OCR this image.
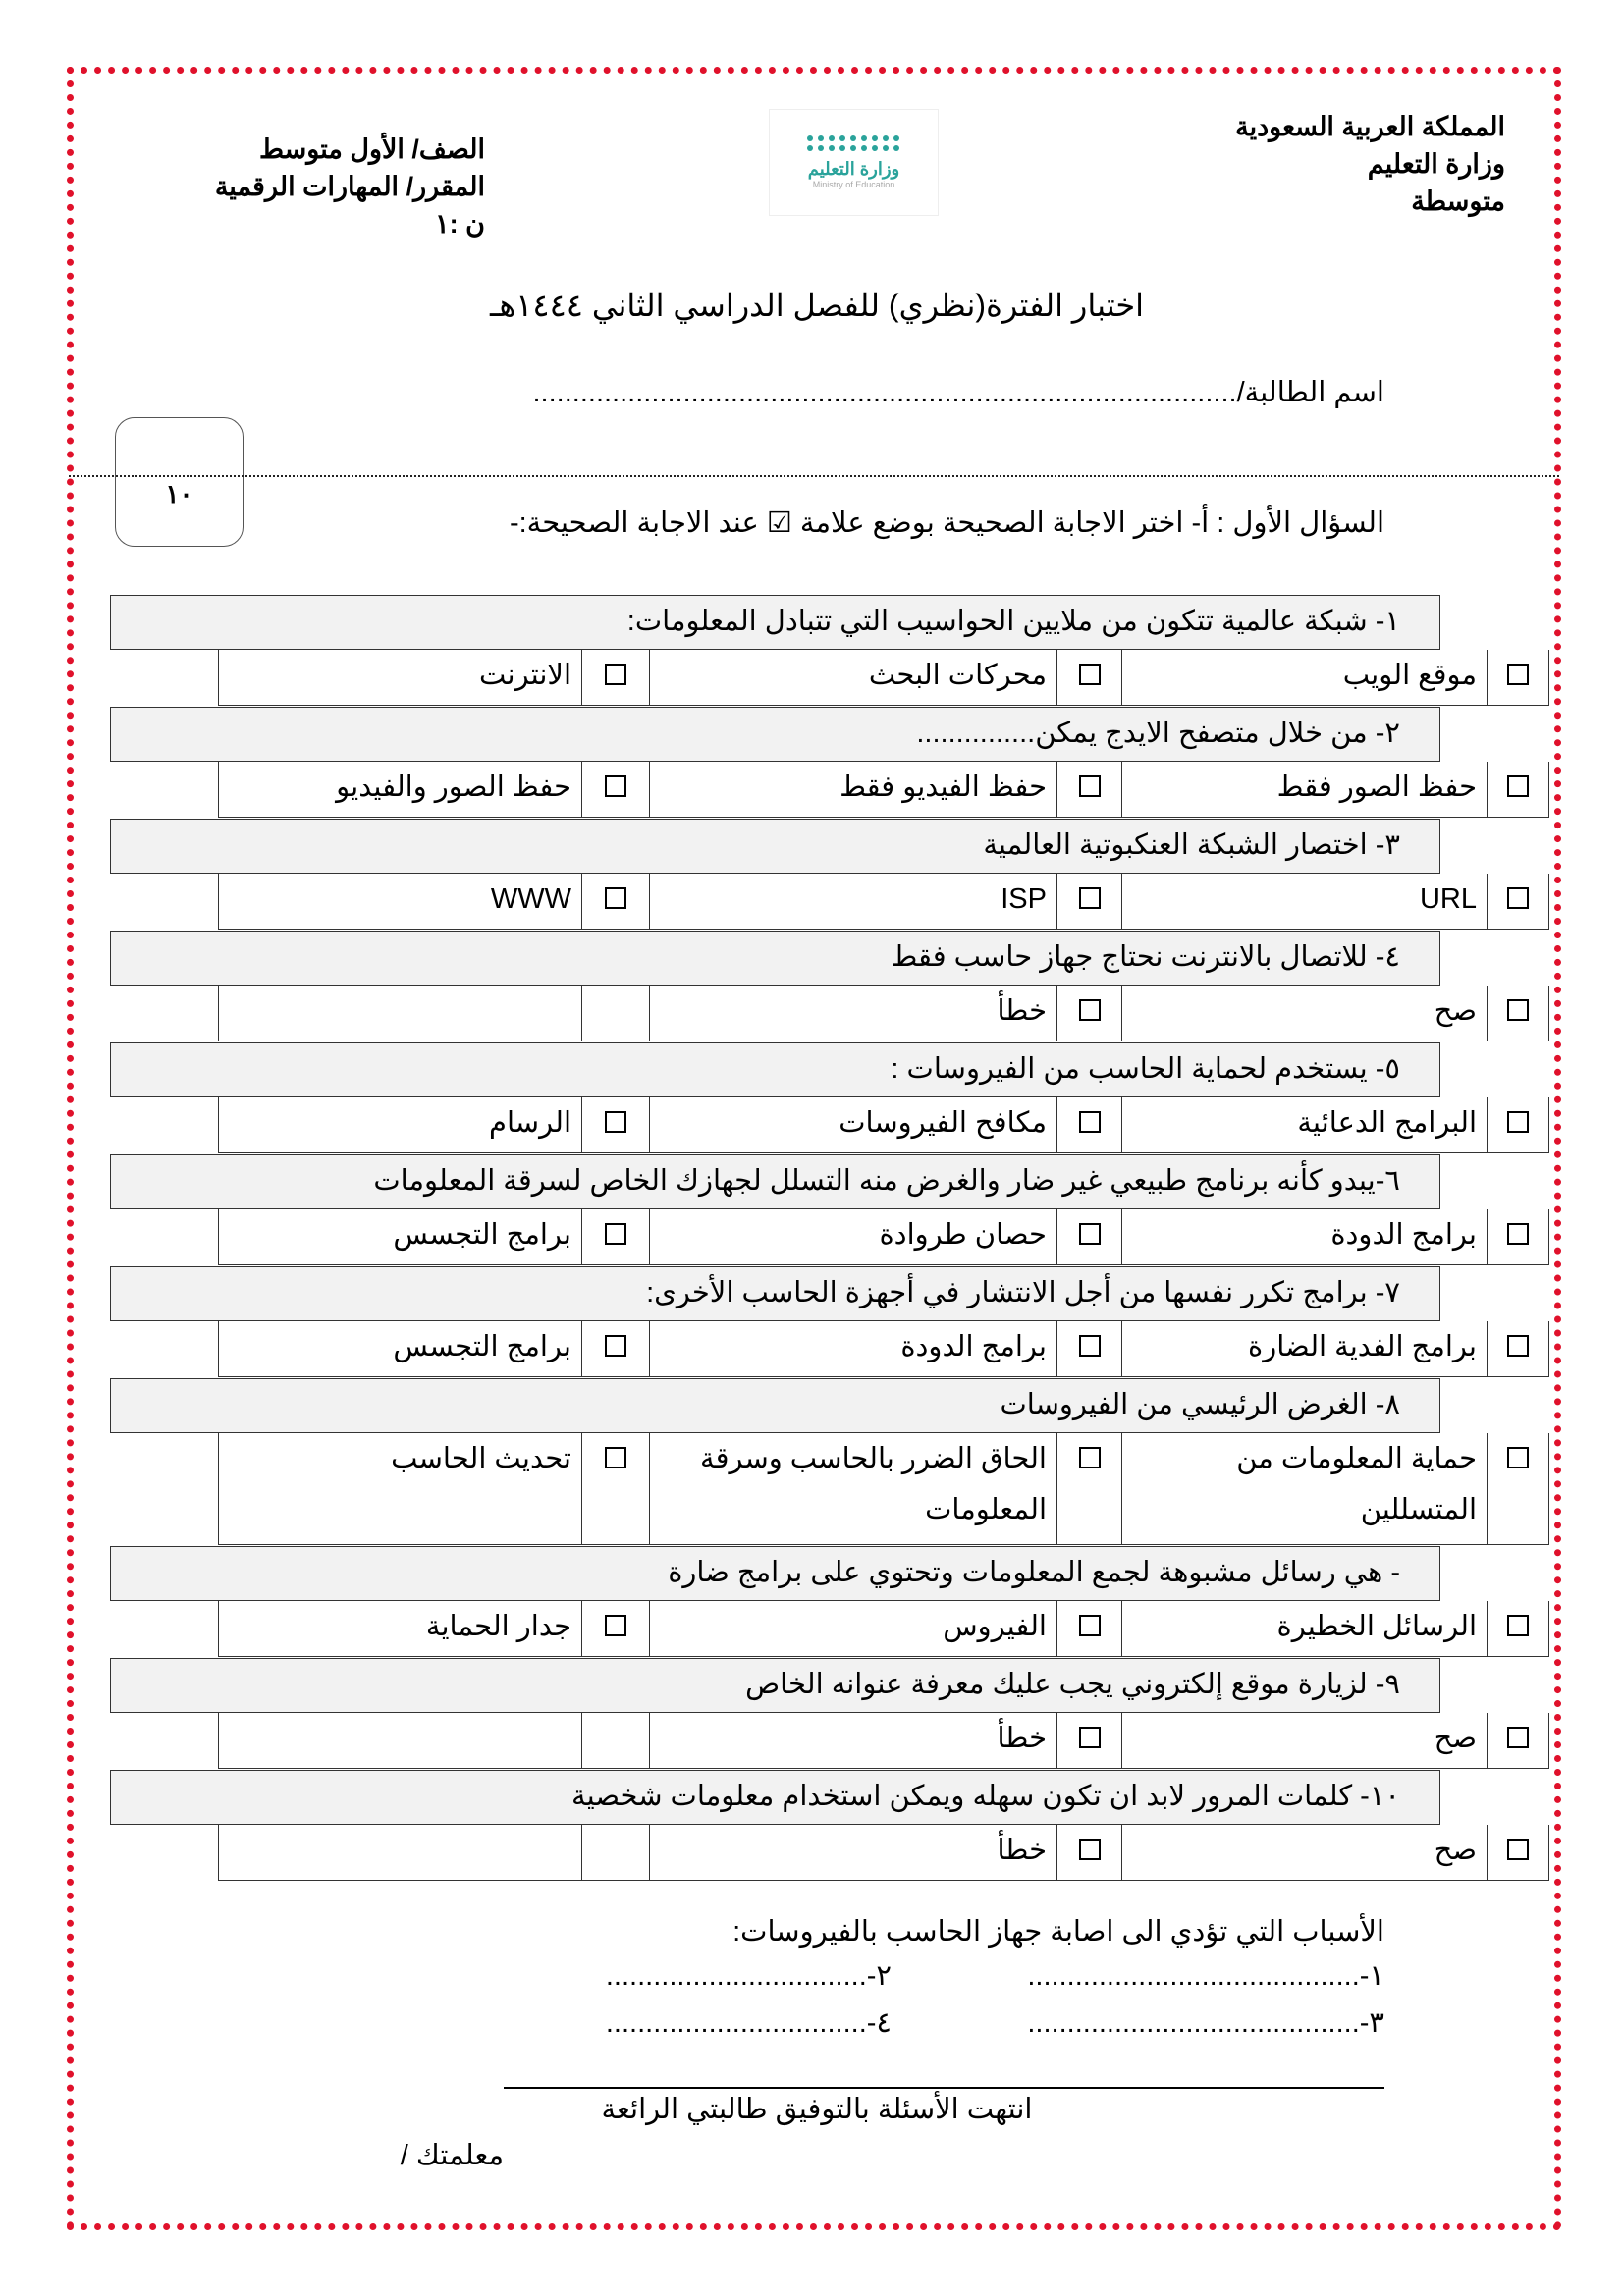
المملكة العربية السعودية
وزارة التعليم
متوسطة
الصف/ الأول متوسط
المقرر/ المهارات الرقمية
ن :١
وزارة التعليم
Ministry of Education
اختبار الفترة(نظري) للفصل الدراسي الثاني ١٤٤٤هـ
اسم الطالبة/.........................................................................................
١٠
السؤال الأول : أ- اختر الاجابة الصحيحة بوضع علامة ☑ عند الاجابة الصحيحة:-
١- شبكة عالمية تتكون من ملايين الحواسيب التي تتبادل المعلومات:
موقع الويب
محركات البحث
الانترنت
٢- من خلال متصفح الايدج يمكن...............
حفظ الصور فقط
حفظ الفيديو فقط
حفظ الصور والفيديو
٣- اختصار الشبكة العنكبوتية العالمية
URL
ISP
WWW
٤- للاتصال بالانترنت نحتاج جهاز حاسب فقط
صح
خطأ
٥- يستخدم لحماية الحاسب من الفيروسات :
البرامج الدعائية
مكافح الفيروسات
الرسام
٦-يبدو كأنه برنامج طبيعي غير ضار والغرض منه التسلل لجهازك الخاص لسرقة المعلومات
برامج الدودة
حصان طروادة
برامج التجسس
٧- برامج تكرر نفسها من أجل الانتشار في أجهزة الحاسب الأخرى:
برامج الفدية الضارة
برامج الدودة
برامج التجسس
٨- الغرض الرئيسي من الفيروسات
حماية المعلومات من المتسللين
الحاق الضرر بالحاسب وسرقة المعلومات
تحديث الحاسب
- هي رسائل مشبوهة لجمع المعلومات وتحتوي على برامج ضارة
الرسائل الخطيرة
الفيروس
جدار الحماية
٩- لزيارة موقع إلكتروني يجب عليك معرفة عنوانه الخاص
صح
خطأ
١٠- كلمات المرور لابد ان تكون سهله ويمكن استخدام معلومات شخصية
صح
خطأ
الأسباب التي تؤدي الى اصابة جهاز الحاسب بالفيروسات:
١-..........................................
٢-.................................
٣-..........................................
٤-.................................
انتهت الأسئلة بالتوفيق طالبتي الرائعة
معلمتك /
